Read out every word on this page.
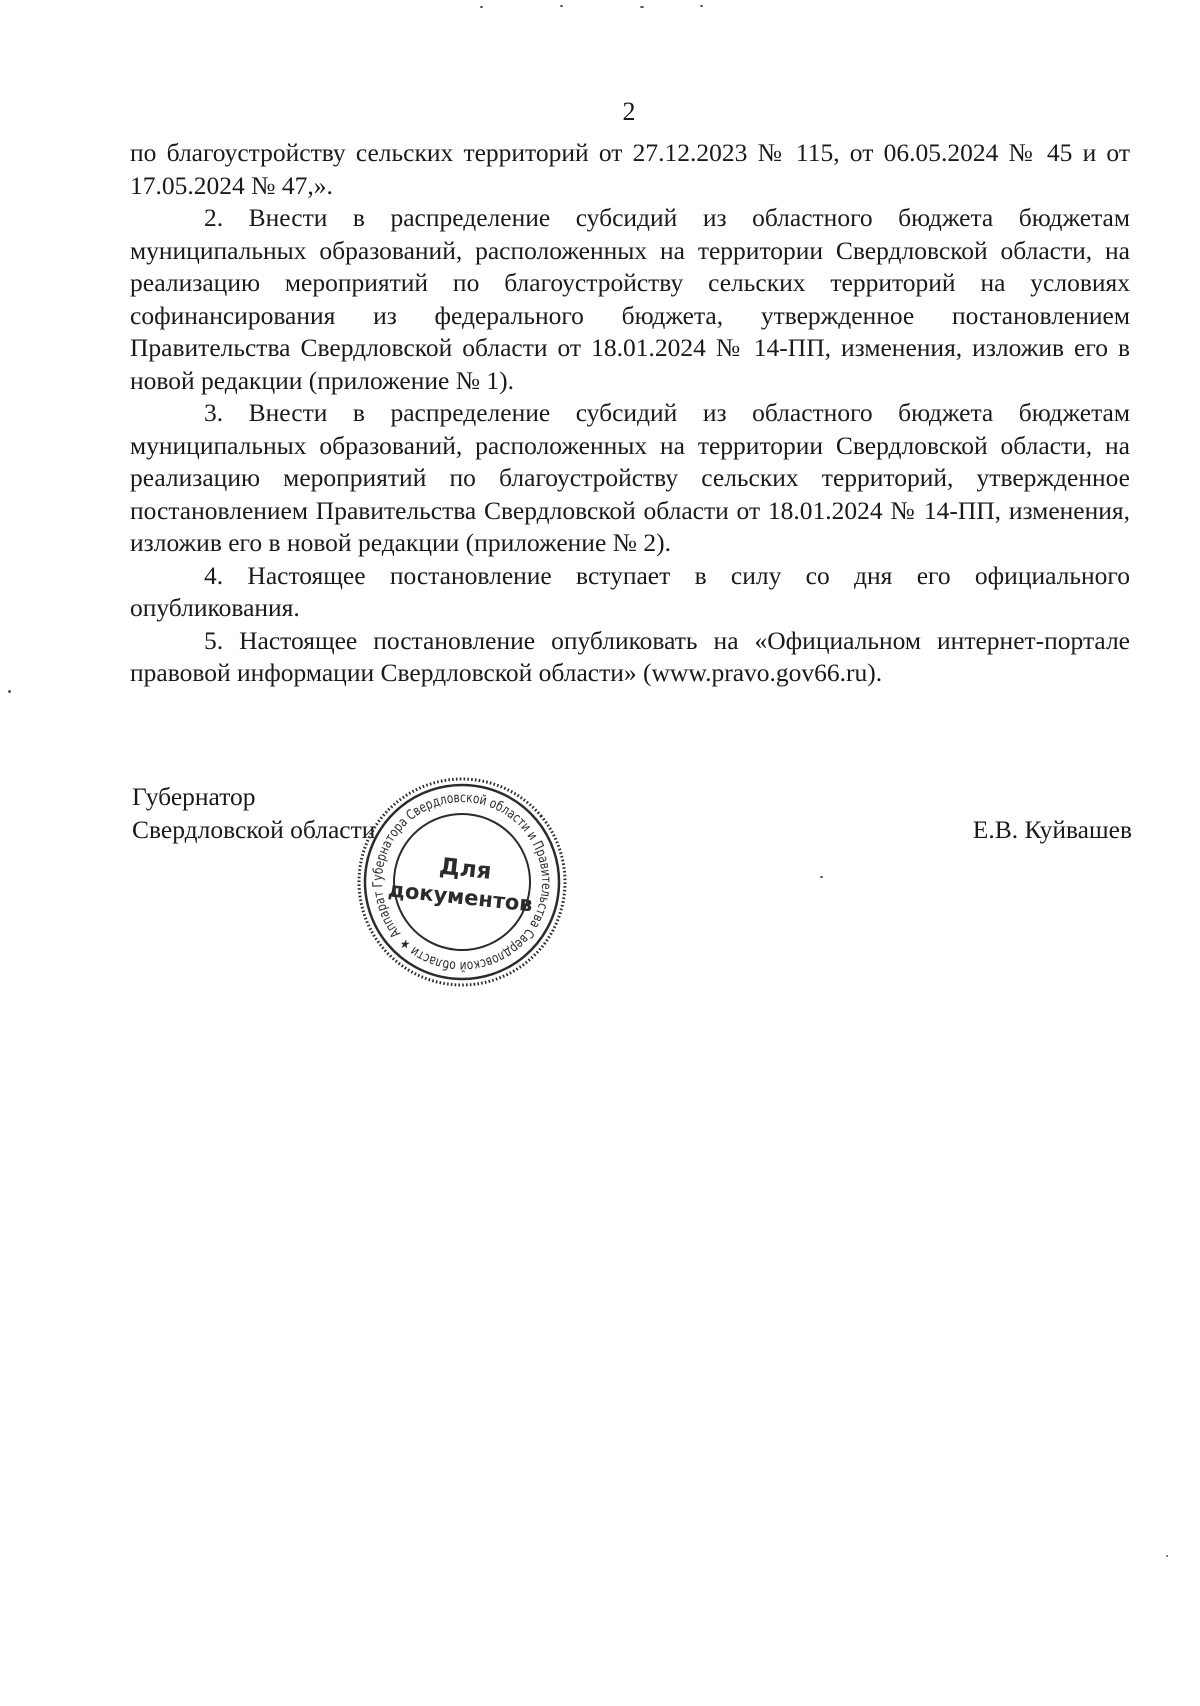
2

по благоустройству сельских территорий от 27.12.2023 № 115, от 06.05.2024 № 45 и от 17.05.2024 № 47,».

2. Внести в распределение субсидий из областного бюджета бюджетам муниципальных образований, расположенных на территории Свердловской области, на реализацию мероприятий по благоустройству сельских территорий на условиях софинансирования из федерального бюджета, утвержденное постановлением Правительства Свердловской области от 18.01.2024 № 14-ПП, изменения, изложив его в новой редакции (приложение № 1).

3. Внести в распределение субсидий из областного бюджета бюджетам муниципальных образований, расположенных на территории Свердловской области, на реализацию мероприятий по благоустройству сельских территорий, утвержденное постановлением Правительства Свердловской области от 18.01.2024 № 14-ПП, изменения, изложив его в новой редакции (приложение № 2).

4. Настоящее постановление вступает в силу со дня его официального опубликования.

5. Настоящее постановление опубликовать на «Официальном интернет-портале правовой информации Свердловской области» (www.pravo.gov66.ru).

Губернатор
Свердловской области	Е.В. Куйвашев
Аппарат Губернатора Свердловской области и Правительства Свердловской области ★
Для
документов
